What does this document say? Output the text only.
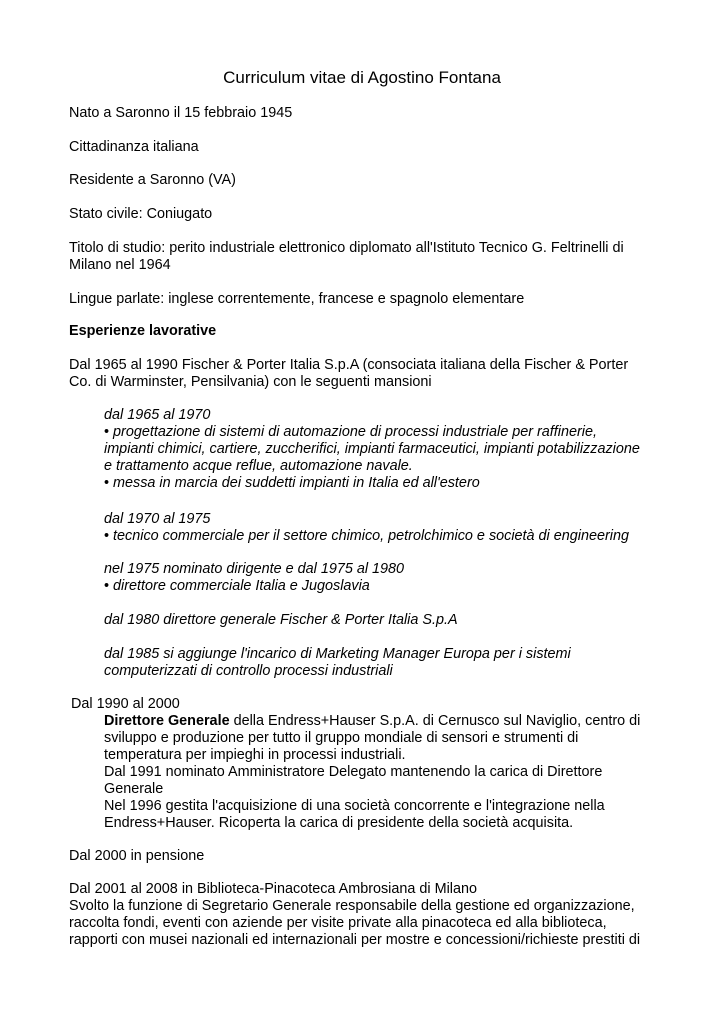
Curriculum vitae di Agostino Fontana

Nato a Saronno il 15 febbraio 1945

Cittadinanza italiana

Residente a Saronno (VA)

Stato civile: Coniugato

Titolo di studio: perito industriale elettronico diplomato all'Istituto Tecnico G. Feltrinelli di
Milano nel 1964

Lingue parlate: inglese correntemente, francese e spagnolo elementare

Esperienze lavorative

Dal 1965 al 1990 Fischer & Porter Italia S.p.A (consociata italiana della Fischer & Porter
Co. di Warminster, Pensilvania) con le seguenti mansioni
dal 1965 al 1970
• progettazione di sistemi di automazione di processi industriale per raffinerie,
impianti chimici, cartiere, zuccherifici, impianti farmaceutici, impianti potabilizzazione
e trattamento acque reflue, automazione navale.
• messa in marcia dei suddetti impianti in Italia ed all'estero
dal 1970 al 1975
• tecnico commerciale per il settore chimico, petrolchimico e società di engineering
nel 1975 nominato dirigente e dal 1975 al 1980
• direttore commerciale Italia e Jugoslavia

dal 1980 direttore generale Fischer & Porter Italia S.p.A

dal 1985 si aggiunge l'incarico di Marketing Manager Europa per i sistemi
computerizzati di controllo processi industriali

Dal 1990 al 2000

Direttore Generale della Endress+Hauser S.p.A. di Cernusco sul Naviglio, centro di
sviluppo e produzione per tutto il gruppo mondiale di sensori e strumenti di
temperatura per impieghi in processi industriali.
Dal 1991 nominato Amministratore Delegato mantenendo la carica di Direttore
Generale
Nel 1996 gestita l'acquisizione di una società concorrente e l'integrazione nella
Endress+Hauser. Ricoperta la carica di presidente della società acquisita.

Dal 2000 in pensione

Dal 2001 al 2008 in Biblioteca-Pinacoteca Ambrosiana di Milano
Svolto la funzione di Segretario Generale responsabile della gestione ed organizzazione,
raccolta fondi, eventi con aziende per visite private alla pinacoteca ed alla biblioteca,
rapporti con musei nazionali ed internazionali per mostre e concessioni/richieste prestiti di
